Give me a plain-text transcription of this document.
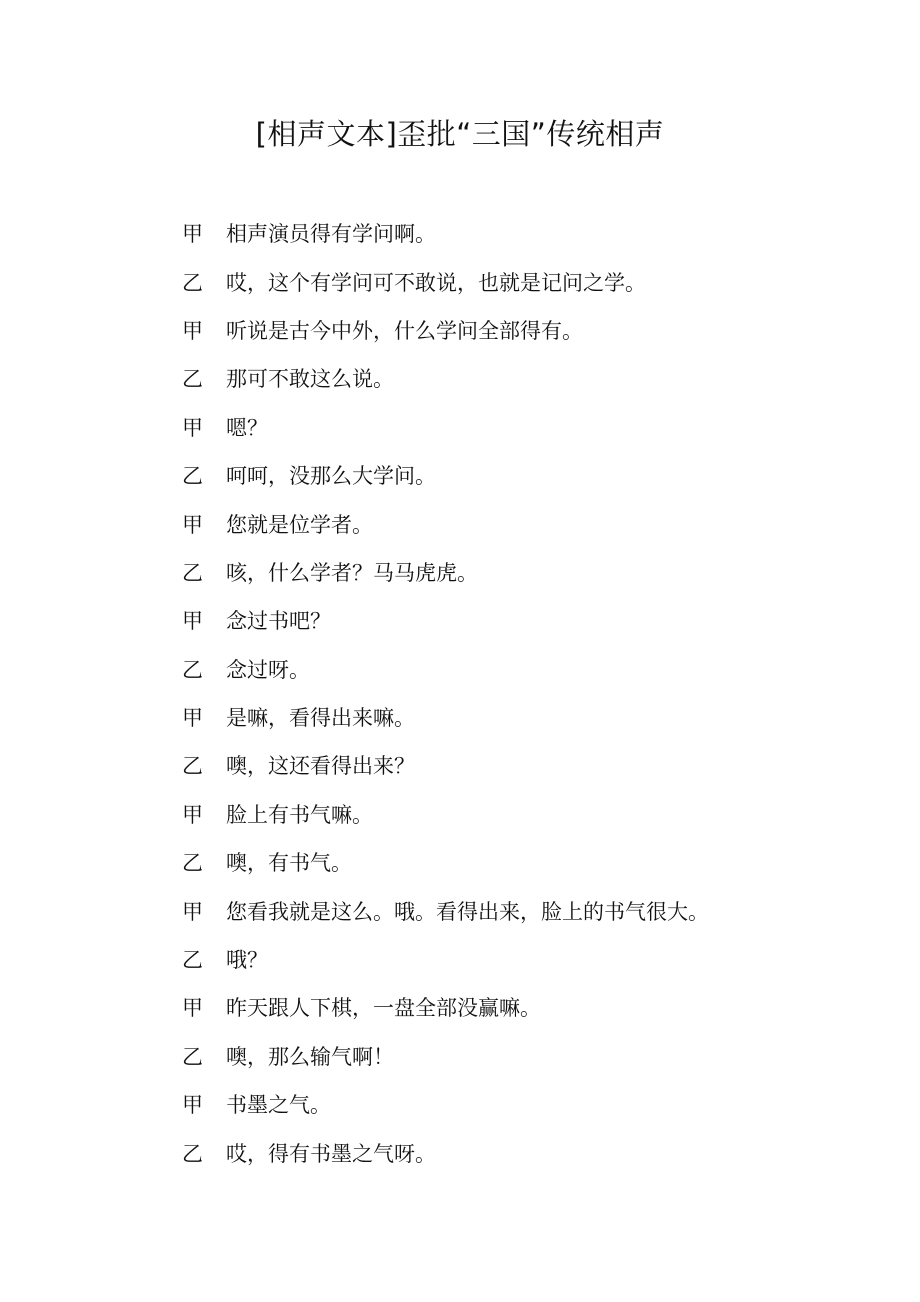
[相声文本]歪批“三国”传统相声
甲	相声演员得有学问啊。
乙	哎，这个有学问可不敢说，也就是记问之学。
甲	听说是古今中外，什么学问全部得有。
乙	那可不敢这么说。
甲	嗯？
乙	呵呵，没那么大学问。
甲	您就是位学者。
乙	咳，什么学者？马马虎虎。
甲	念过书吧？
乙	念过呀。
甲	是嘛，看得出来嘛。
乙	噢，这还看得出来？
甲	脸上有书气嘛。
乙	噢，有书气。
甲	您看我就是这么。哦。看得出来，脸上的书气很大。
乙	哦？
甲	昨天跟人下棋，一盘全部没赢嘛。
乙	噢，那么输气啊！
甲	书墨之气。
乙	哎，得有书墨之气呀。
